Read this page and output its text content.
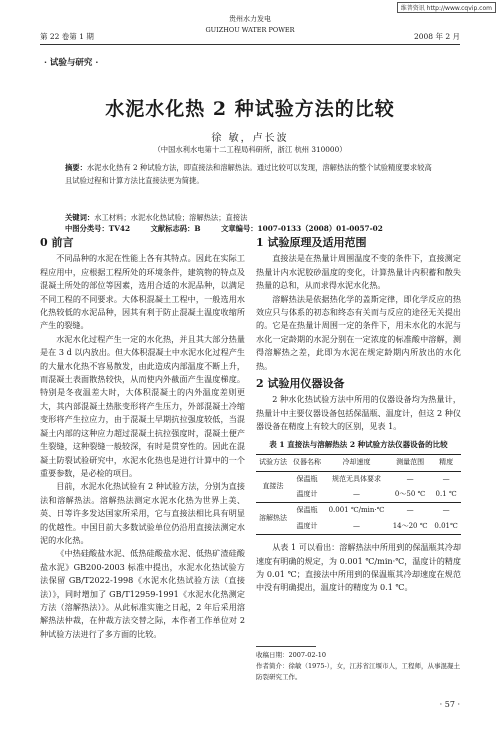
维普资讯 http://www.cqvip.com
第 22 卷第 1 期
贵州水力发电
GUIZHOU WATER POWER
2008 年 2 月
· 试验与研究 ·
水泥水化热 2 种试验方法的比较
徐 敏，卢长波
（中国水利水电第十二工程局科研所，浙江 杭州 310000）
摘要：水泥水化热有 2 种试验方法，即直接法和溶解热法。通过比较可以发现，溶解热法的整个试验精度要求较高且试验过程和计算方法比直接法更为简捷。
关键词：水工材料；水泥水化热试验；溶解热法；直接法
中图分类号：TV42	文献标志码：B	文章编号：1007-0133（2008）01-0057-02
0 前言

不同品种的水泥在性能上各有其特点。因此在实际工程应用中，应根据工程所处的环境条件，建筑物的特点及混凝土所处的部位等因素，选用合适的水泥品种，以满足不同工程的不同要求。大体积混凝土工程中，一般选用水化热较低的水泥品种，因其有利于防止混凝土温度收缩所产生的裂缝。

水泥水化过程产生一定的水化热，并且其大部分热量是在 3 d 以内放出。但大体积混凝土中水泥水化过程产生的大量水化热不容易散发，由此造成内部温度不断上升，而混凝土表面散热较快，从而使内外截面产生温度梯度。特别是冬夜温差大时，大体积混凝土的内外温度差则更大，其内部混凝土热胀变形将产生压力，外部混凝土冷缩变形将产生拉应力，由于混凝土早期抗拉强度较低，当混凝土内部的这种应力超过混凝土抗拉强度时，混凝土便产生裂缝，这种裂缝一般较深，有时是贯穿性的。因此在混凝土防裂试验研究中，水泥水化热也是进行计算中的一个重要参数，是必检的项目。

目前，水泥水化热试验有 2 种试验方法，分别为直接法和溶解热法。溶解热法测定水泥水化热为世界上美、英、日等许多发达国家所采用，它与直接法相比具有明显的优越性。中国目前大多数试验单位仍沿用直接法测定水泥的水化热。

《中热硅酸盐水泥、低热硅酸盐水泥、低热矿渣硅酸盐水泥》GB200-2003 标准中提出，水泥水化热试验方法保留 GB/T2022-1998《水泥水化热试验方法（直接法）》，同时增加了 GB/T12959-1991《水泥水化热测定方法（溶解热法）》。从此标准实施之日起，2 年后采用溶解热法仲裁，在仲裁方法交替之际，本作者工作单位对 2 种试验方法进行了多方面的比较。

1 试验原理及适用范围

直接法是在热量计周围温度不变的条件下，直接测定热量计内水泥胶砂温度的变化，计算热量计内积蓄和散失热量的总和，从而求得水泥水化热。

溶解热法是依据热化学的盖斯定律，即化学反应的热效应只与体系的初态和终态有关而与反应的途径无关提出的。它是在热量计周围一定的条件下，用未水化的水泥与水化一定龄期的水泥分别在一定浓度的标准酸中溶解，测得溶解热之差，此即为水泥在规定龄期内所放出的水化热。

2 试验用仪器设备

2 种水化热试验方法中所用的仪器设备均为热量计，热量计中主要仪器设备包括保温瓶、温度计，但这 2 种仪器设备在精度上有较大的区别，见表 1。

表 1 直接法与溶解热法 2 种试验方法仪器设备的比较
试验方法	仪器名称	冷却速度	测量范围	精度
直接法	保温瓶	规范无具体要求	—	—
	温度计	—	0～50 ℃	0.1 ℃
溶解热法	保温瓶	0.001 ℃/min·℃	—	—
	温度计	—	14～20 ℃	0.01℃

从表 1 可以看出：溶解热法中所用到的保温瓶其冷却速度有明确的规定，为 0.001 ℃/min·℃，温度计的精度为 0.01 ℃；直接法中所用到的保温瓶其冷却速度在规范中没有明确提出，温度计的精度为 0.1 ℃。

收稿日期：2007-02-10
作者简介：徐敏（1975-），女，江苏省江堰市人，工程师，从事混凝土防裂研究工作。
· 57 ·
